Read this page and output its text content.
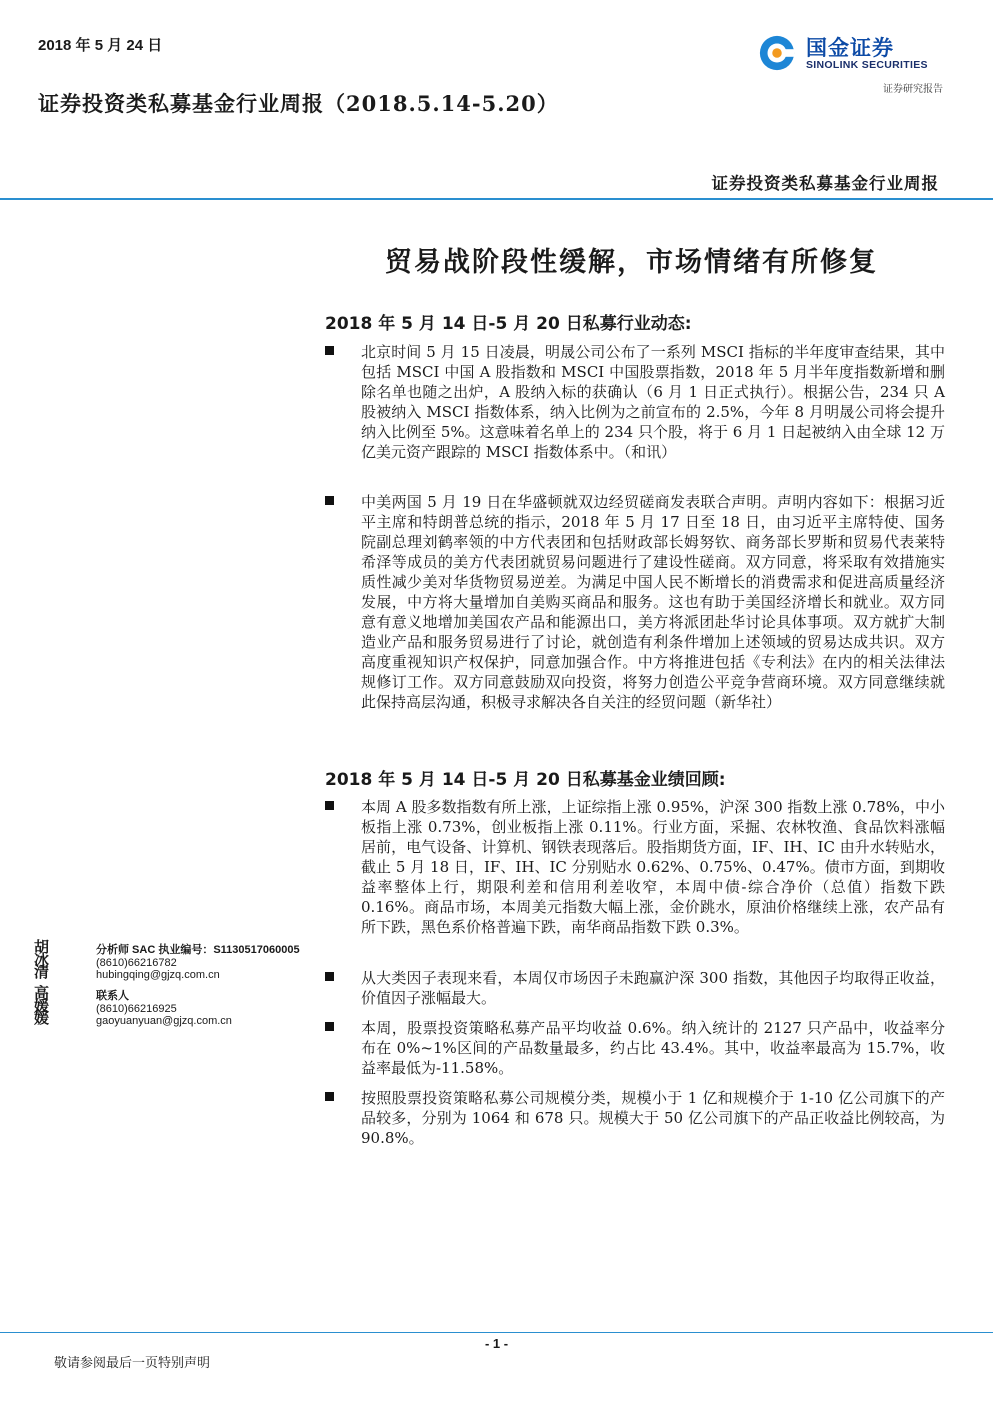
2018 年 5 月 24 日
证券投资类私募基金行业周报（2018.5.14-5.20）
国金证券
SINOLINK SECURITIES
证券研究报告
证券投资类私募基金行业周报
贸易战阶段性缓解，市场情绪有所修复
2018 年 5 月 14 日-5 月 20 日私募行业动态:
北京时间 5 月 15 日凌晨，明晟公司公布了一系列 MSCI 指标的半年度审查结果，其中包括 MSCI 中国 A 股指数和 MSCI 中国股票指数，2018 年 5 月半年度指数新增和删除名单也随之出炉，A 股纳入标的获确认（6 月 1 日正式执行）。根据公告，234 只 A 股被纳入 MSCI 指数体系，纳入比例为之前宣布的 2.5%，今年 8 月明晟公司将会提升纳入比例至 5%。这意味着名单上的 234 只个股，将于 6 月 1 日起被纳入由全球 12 万亿美元资产跟踪的 MSCI 指数体系中。（和讯）
中美两国 5 月 19 日在华盛顿就双边经贸磋商发表联合声明。声明内容如下：根据习近平主席和特朗普总统的指示，2018 年 5 月 17 日至 18 日，由习近平主席特使、国务院副总理刘鹤率领的中方代表团和包括财政部长姆努钦、商务部长罗斯和贸易代表莱特希泽等成员的美方代表团就贸易问题进行了建设性磋商。双方同意，将采取有效措施实质性减少美对华货物贸易逆差。为满足中国人民不断增长的消费需求和促进高质量经济发展，中方将大量增加自美购买商品和服务。这也有助于美国经济增长和就业。双方同意有意义地增加美国农产品和能源出口，美方将派团赴华讨论具体事项。双方就扩大制造业产品和服务贸易进行了讨论，就创造有利条件增加上述领域的贸易达成共识。双方高度重视知识产权保护，同意加强合作。中方将推进包括《专利法》在内的相关法律法规修订工作。双方同意鼓励双向投资，将努力创造公平竞争营商环境。双方同意继续就此保持高层沟通，积极寻求解决各自关注的经贸问题（新华社）
2018 年 5 月 14 日-5 月 20 日私募基金业绩回顾:
本周 A 股多数指数有所上涨，上证综指上涨 0.95%，沪深 300 指数上涨 0.78%，中小板指上涨 0.73%，创业板指上涨 0.11%。行业方面，采掘、农林牧渔、食品饮料涨幅居前，电气设备、计算机、钢铁表现落后。股指期货方面，IF、IH、IC 由升水转贴水，截止 5 月 18 日，IF、IH、IC 分别贴水 0.62%、0.75%、0.47%。债市方面，到期收益率整体上行，期限利差和信用利差收窄，本周中债-综合净价（总值）指数下跌 0.16%。商品市场，本周美元指数大幅上涨，金价跳水，原油价格继续上涨，农产品有所下跌，黑色系价格普遍下跌，南华商品指数下跌 0.3%。
从大类因子表现来看，本周仅市场因子未跑赢沪深 300 指数，其他因子均取得正收益，价值因子涨幅最大。
本周，股票投资策略私募产品平均收益 0.6%。纳入统计的 2127 只产品中，收益率分布在 0%~1%区间的产品数量最多，约占比 43.4%。其中，收益率最高为 15.7%，收益率最低为-11.58%。
按照股票投资策略私募公司规模分类，规模小于 1 亿和规模介于 1-10 亿公司旗下的产品较多，分别为 1064 和 678 只。规模大于 50 亿公司旗下的产品正收益比例较高，为 90.8%。
胡冰清
分析师 SAC 执业编号：S1130517060005
(8610)66216782
hubingqing@gjzq.com.cn
高媛媛
联系人
(8610)66216925
gaoyuanyuan@gjzq.com.cn
- 1 -
敬请参阅最后一页特别声明
